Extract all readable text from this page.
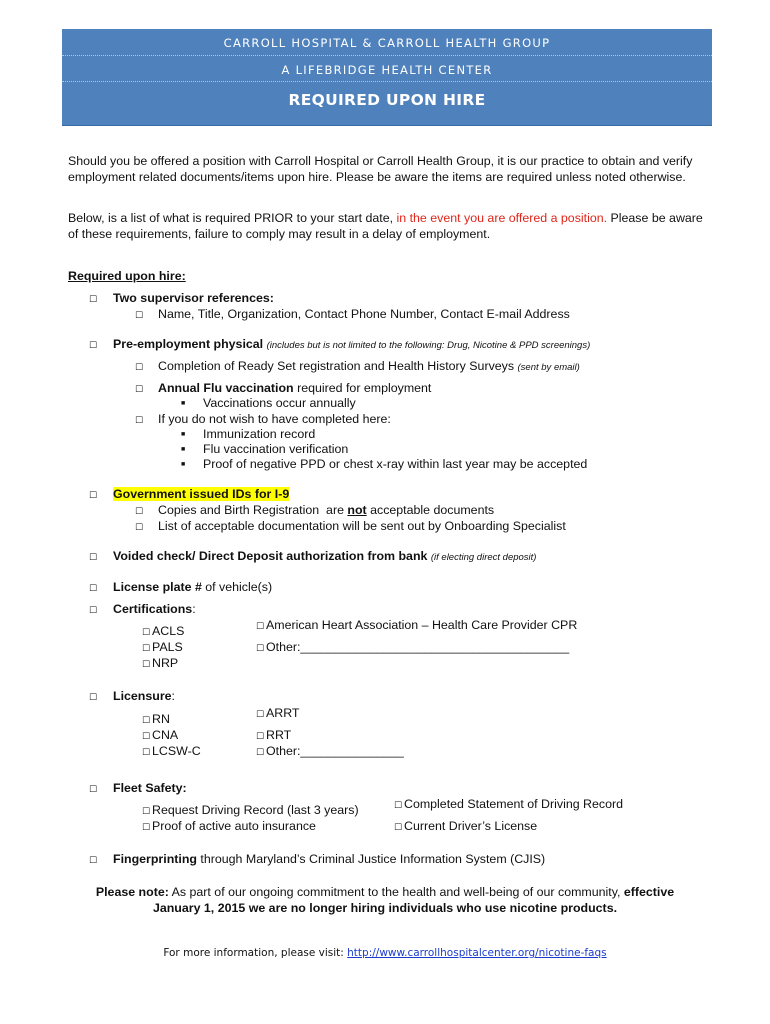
CARROLL HOSPITAL & CARROLL HEALTH GROUP
A LIFEBRIDGE HEALTH CENTER
REQUIRED UPON HIRE
Should you be offered a position with Carroll Hospital or Carroll Health Group, it is our practice to obtain and verify employment related documents/items upon hire. Please be aware the items are required unless noted otherwise.
Below, is a list of what is required PRIOR to your start date, in the event you are offered a position. Please be aware of these requirements, failure to comply may result in a delay of employment.
Required upon hire:
☐ Two supervisor references:
☐ Name, Title, Organization, Contact Phone Number, Contact E-mail Address
☐ Pre-employment physical (includes but is not limited to the following: Drug, Nicotine & PPD screenings)
☐ Completion of Ready Set registration and Health History Surveys (sent by email)
☐ Annual Flu vaccination required for employment
■ Vaccinations occur annually
☐ If you do not wish to have completed here:
■ Immunization record
■ Flu vaccination verification
■ Proof of negative PPD or chest x-ray within last year may be accepted
☐ Government issued IDs for I-9
☐ Copies and Birth Registration  are not acceptable documents
☐ List of acceptable documentation will be sent out by Onboarding Specialist
☐ Voided check/ Direct Deposit authorization from bank (if electing direct deposit)
☐ License plate # of vehicle(s)
☐ Certifications:
☐ ACLS
☐ PALS
☐ NRP
☐ American Heart Association – Health Care Provider CPR
☐ Other:_______________________________________
☐ Licensure:
☐ RN
☐ CNA
☐ LCSW-C
☐ ARRT
☐ RRT
☐ Other:_______________
☐ Fleet Safety:
☐ Request Driving Record (last 3 years)
☐ Proof of active auto insurance
☐ Completed Statement of Driving Record
☐ Current Driver’s License
☐ Fingerprinting through Maryland’s Criminal Justice Information System (CJIS)
Please note: As part of our ongoing commitment to the health and well-being of our community, effective
January 1, 2015 we are no longer hiring individuals who use nicotine products.
For more information, please visit: http://www.carrollhospitalcenter.org/nicotine-faqs
